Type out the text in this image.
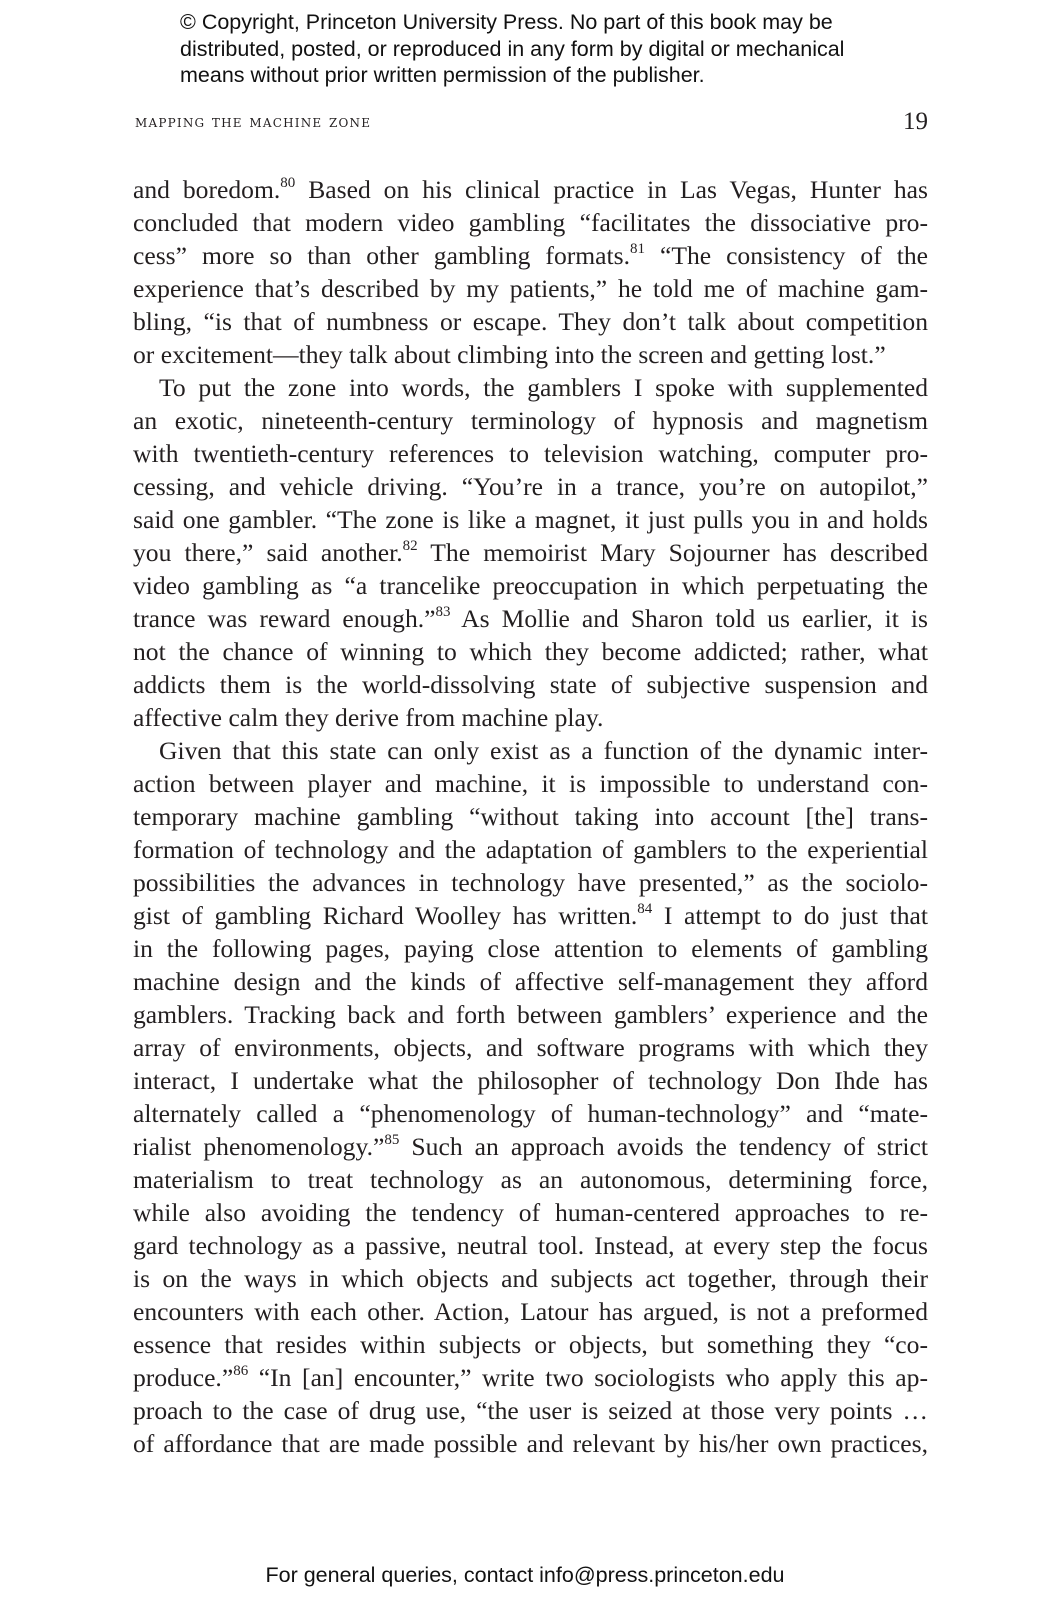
© Copyright, Princeton University Press. No part of this book may be
distributed, posted, or reproduced in any form by digital or mechanical
means without prior written permission of the publisher.
mapping the machine zone	19
and boredom.$^{80}$ Based on his clinical practice in Las Vegas, Hunter has
concluded that modern video gambling “facilitates the dissociative pro-
cess” more so than other gambling formats.$^{81}$ “The consistency of the
experience that’s described by my patients,” he told me of machine gam-
bling, “is that of numbness or escape. They don’t talk about competition
or excitement—they talk about climbing into the screen and getting lost.”
To put the zone into words, the gamblers I spoke with supplemented
an exotic, nineteenth-century terminology of hypnosis and magnetism
with twentieth-century references to television watching, computer pro-
cessing, and vehicle driving. “You’re in a trance, you’re on autopilot,”
said one gambler. “The zone is like a magnet, it just pulls you in and holds
you there,” said another.$^{82}$ The memoirist Mary Sojourner has described
video gambling as “a trancelike preoccupation in which perpetuating the
trance was reward enough.”$^{83}$ As Mollie and Sharon told us earlier, it is
not the chance of winning to which they become addicted; rather, what
addicts them is the world-dissolving state of subjective suspension and
affective calm they derive from machine play.
Given that this state can only exist as a function of the dynamic inter-
action between player and machine, it is impossible to understand con-
temporary machine gambling “without taking into account [the] trans-
formation of technology and the adaptation of gamblers to the experiential
possibilities the advances in technology have presented,” as the sociolo-
gist of gambling Richard Woolley has written.$^{84}$ I attempt to do just that
in the following pages, paying close attention to elements of gambling
machine design and the kinds of affective self-management they afford
gamblers. Tracking back and forth between gamblers’ experience and the
array of environments, objects, and software programs with which they
interact, I undertake what the philosopher of technology Don Ihde has
alternately called a “phenomenology of human-technology” and “mate-
rialist phenomenology.”$^{85}$ Such an approach avoids the tendency of strict
materialism to treat technology as an autonomous, determining force,
while also avoiding the tendency of human-centered approaches to re-
gard technology as a passive, neutral tool. Instead, at every step the focus
is on the ways in which objects and subjects act together, through their
encounters with each other. Action, Latour has argued, is not a preformed
essence that resides within subjects or objects, but something they “co-
produce.”$^{86}$ “In [an] encounter,” write two sociologists who apply this ap-
proach to the case of drug use, “the user is seized at those very points …
of affordance that are made possible and relevant by his/her own practices,
For general queries, contact info@press.princeton.edu
